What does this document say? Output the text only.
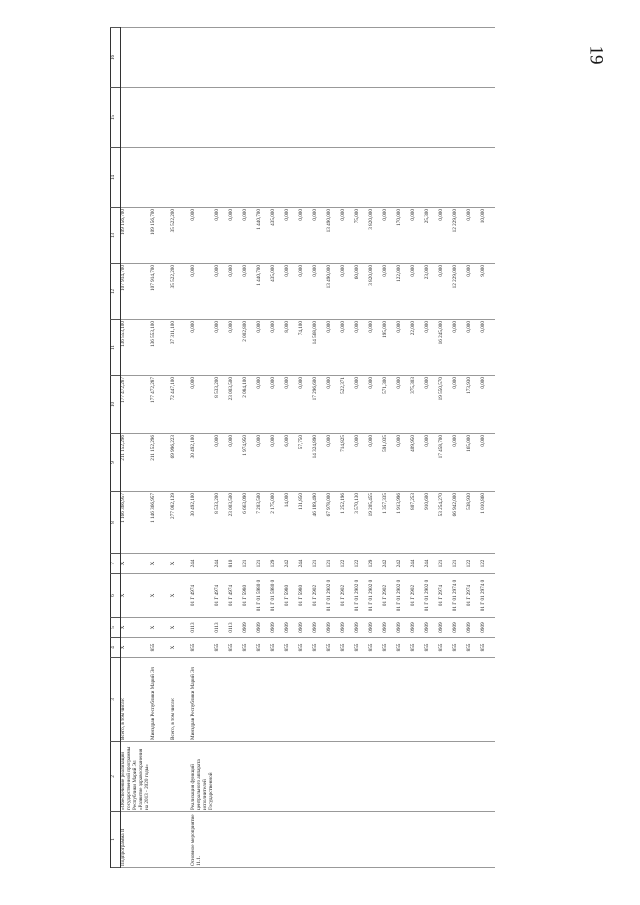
19
1	2	3	4	5	6	7	8	9	10	11	12	13	14	15	16
Подпрограмма II	«Обеспечение реализации государственной программы Республики Марий Эл «Развитие здравоохранения на 2013 - 2020 годы»	Всего, в том числе:	X	X	X	X	1 166 366,957	211 152,296	177 472,287	136 553,100	107 914,700	109 156,700			
		Минздрав Республики Марий Эл	855	X	X	X	1 146 366,957	211 152,296	177 472,287	136 553,100	107 914,700	109 156,700			
		Всего, в том числе:	X	X	X	X	277 082,139	69 996,223	72 447,100	37 311,100	35 522,200	35 522,200			
Основное мероприятие 11.1.	Реализация функций центрального аппарата исполнителей Государственной	Минздрав Республики Марий Эл	855	0113	01 Г 4974	244	30 492,100	30 492,100	0,000	0,000	0,000	0,000			
			855	0113	01 Г 4974	244	8 533,200	0,000	8 533,200	0,000	0,000	0,000			
			855	0113	01 Г 4974	810	23 003,500	0,000	23 003,500	0,000	0,000	0,000			
			855	0909	01 Г 5980	121	6 663,090	1 974,950	2 084,100	2 002,800	0,000	0,000			
			855	0909	01 Г 01 5980 0	121	7 203,500	0,000	0,000	0,000	1 440,700	1 440,700			
			855	0909	01 Г 01 5980 0	129	2 175,000	0,000	0,000	0,000	435,000	435,000			
			855	0909	01 Г 5980	242	14,000	6,000	0,000	8,000	0,000	0,000			
			855	0909	01 Г 5980	244	131,850	57,750	0,000	74,100	0,000	0,000			
			855	0909	01 Г 2902	121	46 189,490	14 324,890	17 296,600	14 568,000	0,000	0,000			
			855	0909	01 Г 01 2902 0	121	67 978,000	0,000	0,000	0,000	13 490,000	13 490,000			
			855	0909	01 Г 2902	122	1 252,196	714,825	522,371	0,000	0,000	0,000			
			855	0909	01 Г 01 2902 0	122	3 570,130	0,000	0,000	0,000	60,000	75,000			
			855	0909	01 Г 01 2902 0	129	19 205,455	0,000	0,000	0,000	3 820,000	3 820,000			
			855	0909	01 Г 2902	242	1 357,335	591,035	571,300	195,000	0,000	0,000			
			855	0909	01 Г 01 2902 0	242	1 913,996	0,000	0,000	0,000	122,000	170,000			
			855	0909	01 Г 2902	244	807,253	409,950	375,303	22,000	0,000	0,000			
			855	0909	01 Г 01 2902 0	244	910,600	0,000	0,000	0,000	23,000	25,300			
			855	0909	01 Г 2974	121	53 254,270	17 458,700	19 550,570	16 245,000	0,000	0,000			
			855	0909	01 Г 01 2974 0	121	66 942,000	0,000	0,000	0,000	12 229,000	12 229,000			
			855	0909	01 Г 2974	122	538,930	165,000	173,930	0,000	0,000	0,000			
			855	0909	01 Г 01 2974 0	122	1 010,860	0,000	0,000	0,000	9,000	10,000			
